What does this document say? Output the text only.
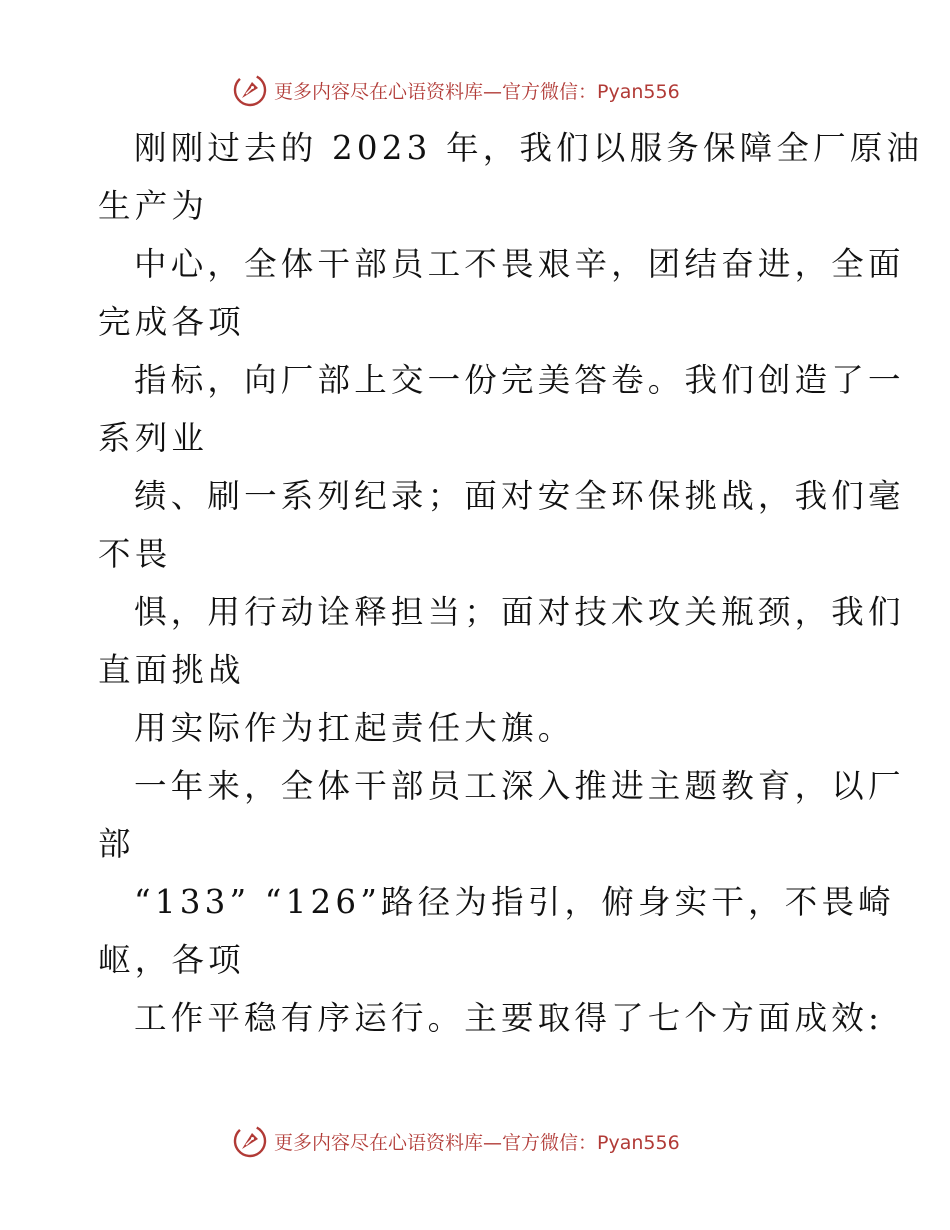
更多内容尽在心语资料库—官方微信：Pyan556
刚刚过去的 2023 年，我们以服务保障全厂原油
生产为
中心，全体干部员工不畏艰辛，团结奋进，全面
完成各项
指标，向厂部上交一份完美答卷。我们创造了一
系列业
绩、刷一系列纪录；面对安全环保挑战，我们毫
不畏
惧，用行动诠释担当；面对技术攻关瓶颈，我们
直面挑战
用实际作为扛起责任大旗。
一年来，全体干部员工深入推进主题教育，以厂
部
“133” “126”路径为指引，俯身实干，不畏崎
岖，各项
工作平稳有序运行。主要取得了七个方面成效:
更多内容尽在心语资料库—官方微信：Pyan556
